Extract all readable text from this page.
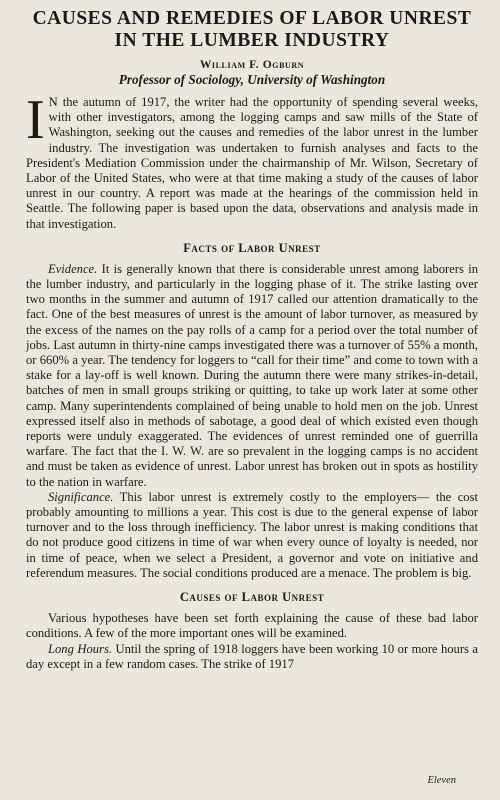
CAUSES AND REMEDIES OF LABOR UNREST IN THE LUMBER INDUSTRY
William F. Ogburn
Professor of Sociology, University of Washington
I N the autumn of 1917, the writer had the opportunity of spending several weeks, with other investigators, among the logging camps and saw mills of the State of Washington, seeking out the causes and remedies of the labor unrest in the lumber industry. The investigation was undertaken to furnish analyses and facts to the President's Mediation Commission under the chairmanship of Mr. Wilson, Secretary of Labor of the United States, who were at that time making a study of the causes of labor unrest in our country. A report was made at the hearings of the commission held in Seattle. The following paper is based upon the data, observations and analysis made in that investigation.
Facts of Labor Unrest

Evidence. It is generally known that there is considerable unrest among laborers in the lumber industry, and particularly in the logging phase of it. The strike lasting over two months in the summer and autumn of 1917 called our attention dramatically to the fact. One of the best measures of unrest is the amount of labor turnover, as measured by the excess of the names on the pay rolls of a camp for a period over the total number of jobs. Last autumn in thirty-nine camps investigated there was a turnover of 55% a month, or 660% a year. The tendency for loggers to “call for their time” and come to town with a stake for a lay-off is well known. During the autumn there were many strikes-in-detail, batches of men in small groups striking or quitting, to take up work later at some other camp. Many superintendents complained of being unable to hold men on the job. Unrest expressed itself also in methods of sabotage, a good deal of which existed even though reports were unduly exaggerated. The evidences of unrest reminded one of guerrilla warfare. The fact that the I. W. W. are so prevalent in the logging camps is no accident and must be taken as evidence of unrest. Labor unrest has broken out in spots as hostility to the nation in warfare.

Significance. This labor unrest is extremely costly to the employers— the cost probably amounting to millions a year. This cost is due to the general expense of labor turnover and to the loss through inefficiency. The labor unrest is making conditions that do not produce good citizens in time of war when every ounce of loyalty is needed, nor in time of peace, when we select a President, a governor and vote on initiative and referendum measures. The social conditions produced are a menace. The problem is big.

Causes of Labor Unrest

Various hypotheses have been set forth explaining the cause of these bad labor conditions. A few of the more important ones will be examined.

Long Hours. Until the spring of 1918 loggers have been working 10 or more hours a day except in a few random cases. The strike of 1917

Eleven
